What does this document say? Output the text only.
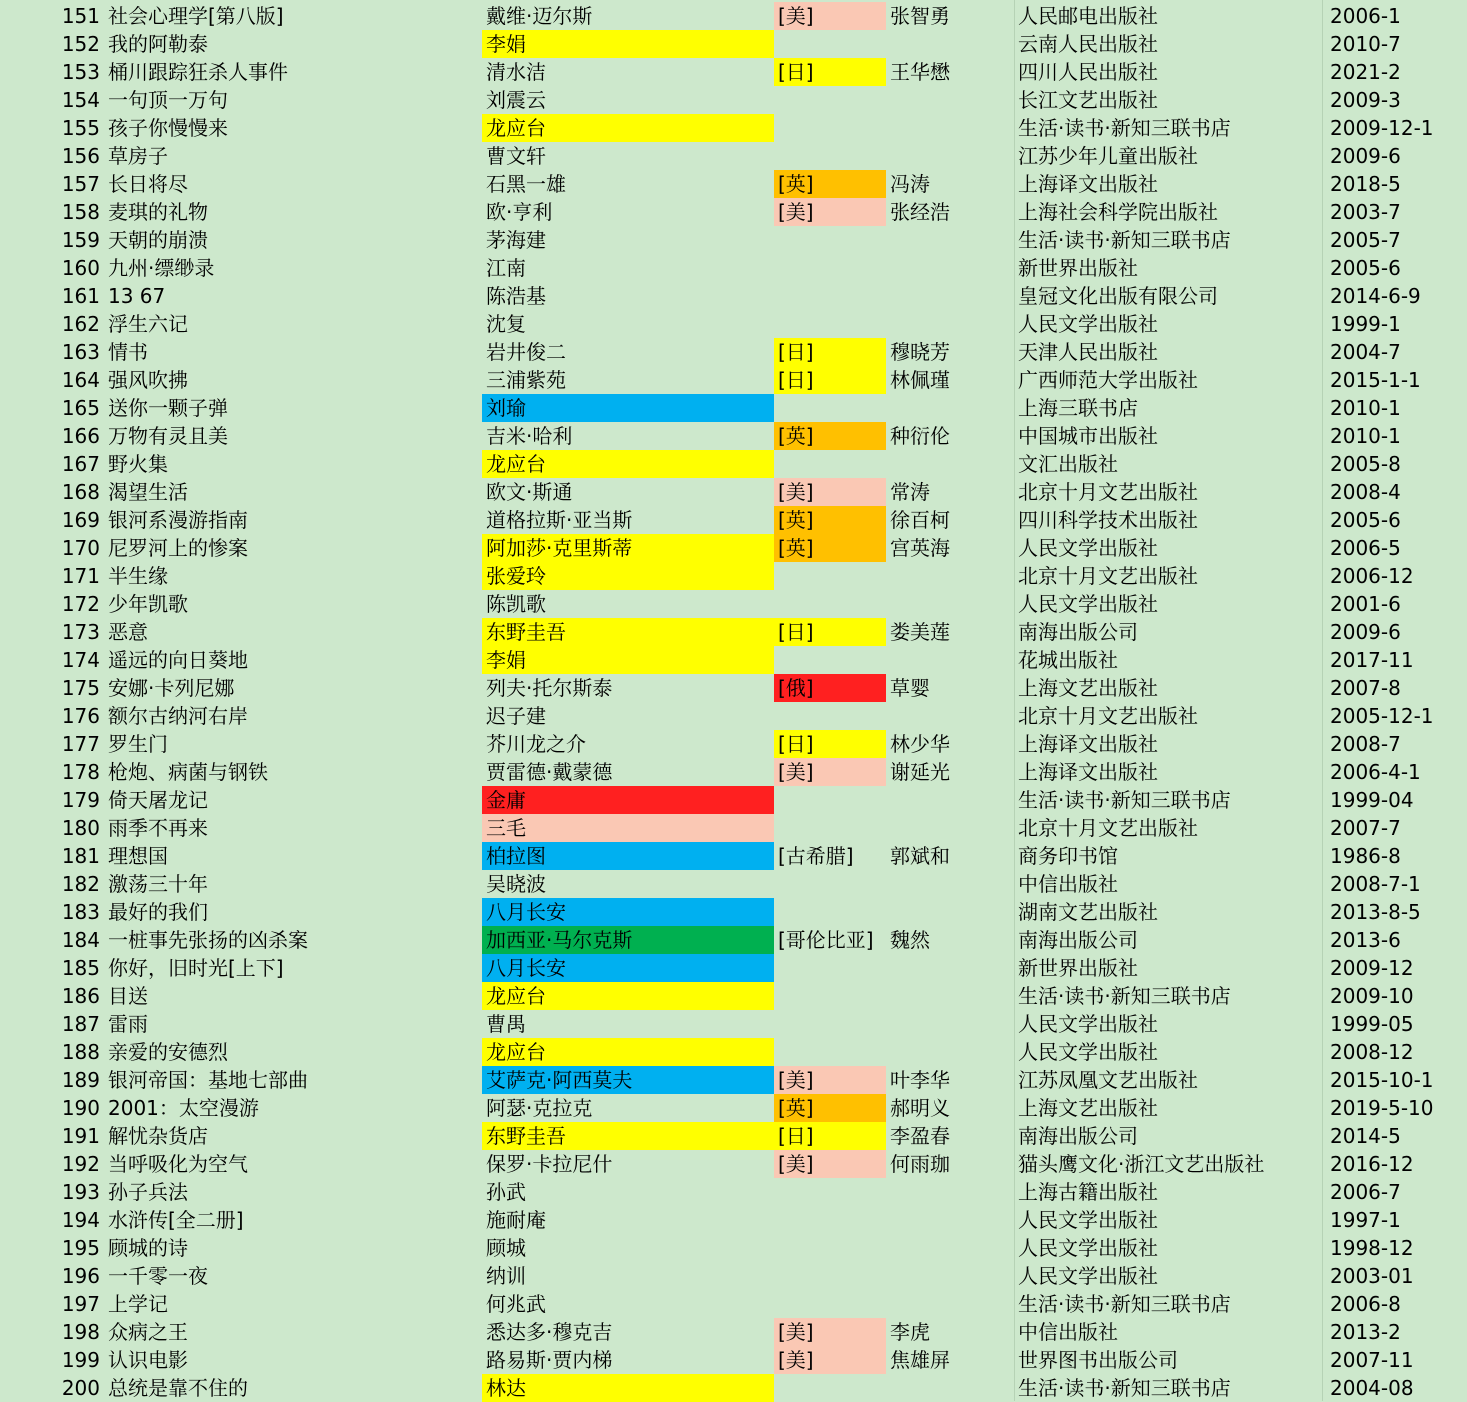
151 社会心理学[第八版]	戴维·迈尔斯	[美]	张智勇	人民邮电出版社	2006-1
152 我的阿勒泰	李娟	云南人民出版社	2010-7
153 桶川跟踪狂杀人事件	清水洁	[日]	王华懋	四川人民出版社	2021-2
154 一句顶一万句	刘震云	长江文艺出版社	2009-3
155 孩子你慢慢来	龙应台	生活·读书·新知三联书店	2009-12-1
156 草房子	曹文轩	江苏少年儿童出版社	2009-6
157 长日将尽	石黑一雄	[英]	冯涛	上海译文出版社	2018-5
158 麦琪的礼物	欧·亨利	[美]	张经浩	上海社会科学院出版社	2003-7
159 天朝的崩溃	茅海建	生活·读书·新知三联书店	2005-7
160 九州·缥缈录	江南	新世界出版社	2005-6
161 13 67	陈浩基	皇冠文化出版有限公司	2014-6-9
162 浮生六记	沈复	人民文学出版社	1999-1
163 情书	岩井俊二	[日]	穆晓芳	天津人民出版社	2004-7
164 强风吹拂	三浦紫苑	[日]	林佩瑾	广西师范大学出版社	2015-1-1
165 送你一颗子弹	刘瑜	上海三联书店	2010-1
166 万物有灵且美	吉米·哈利	[英]	种衍伦	中国城市出版社	2010-1
167 野火集	龙应台	文汇出版社	2005-8
168 渴望生活	欧文·斯通	[美]	常涛	北京十月文艺出版社	2008-4
169 银河系漫游指南	道格拉斯·亚当斯	[英]	徐百柯	四川科学技术出版社	2005-6
170 尼罗河上的惨案	阿加莎·克里斯蒂	[英]	宫英海	人民文学出版社	2006-5
171 半生缘	张爱玲	北京十月文艺出版社	2006-12
172 少年凯歌	陈凯歌	人民文学出版社	2001-6
173 恶意	东野圭吾	[日]	娄美莲	南海出版公司	2009-6
174 遥远的向日葵地	李娟	花城出版社	2017-11
175 安娜·卡列尼娜	列夫·托尔斯泰	[俄]	草婴	上海文艺出版社	2007-8
176 额尔古纳河右岸	迟子建	北京十月文艺出版社	2005-12-1
177 罗生门	芥川龙之介	[日]	林少华	上海译文出版社	2008-7
178 枪炮、病菌与钢铁	贾雷德·戴蒙德	[美]	谢延光	上海译文出版社	2006-4-1
179 倚天屠龙记	金庸	生活·读书·新知三联书店	1999-04
180 雨季不再来	三毛	北京十月文艺出版社	2007-7
181 理想国	柏拉图	[古希腊]	郭斌和	商务印书馆	1986-8
182 激荡三十年	吴晓波	中信出版社	2008-7-1
183 最好的我们	八月长安	湖南文艺出版社	2013-8-5
184 一桩事先张扬的凶杀案	加西亚·马尔克斯	[哥伦比亚] 魏然	南海出版公司	2013-6
185 你好，旧时光[上下]	八月长安	新世界出版社	2009-12
186 目送	龙应台	生活·读书·新知三联书店	2009-10
187 雷雨	曹禺	人民文学出版社	1999-05
188 亲爱的安德烈	龙应台	人民文学出版社	2008-12
189 银河帝国：基地七部曲	艾萨克·阿西莫夫	[美]	叶李华	江苏凤凰文艺出版社	2015-10-1
190 2001：太空漫游	阿瑟·克拉克	[英]	郝明义	上海文艺出版社	2019-5-10
191 解忧杂货店	东野圭吾	[日]	李盈春	南海出版公司	2014-5
192 当呼吸化为空气	保罗·卡拉尼什	[美]	何雨珈	猫头鹰文化·浙江文艺出版社	2016-12
193 孙子兵法	孙武	上海古籍出版社	2006-7
194 水浒传[全二册]	施耐庵	人民文学出版社	1997-1
195 顾城的诗	顾城	人民文学出版社	1998-12
196 一千零一夜	纳训	人民文学出版社	2003-01
197 上学记	何兆武	生活·读书·新知三联书店	2006-8
198 众病之王	悉达多·穆克吉	[美]	李虎	中信出版社	2013-2
199 认识电影	路易斯·贾内梯	[美]	焦雄屏	世界图书出版公司	2007-11
200 总统是靠不住的	林达	生活·读书·新知三联书店	2004-08
